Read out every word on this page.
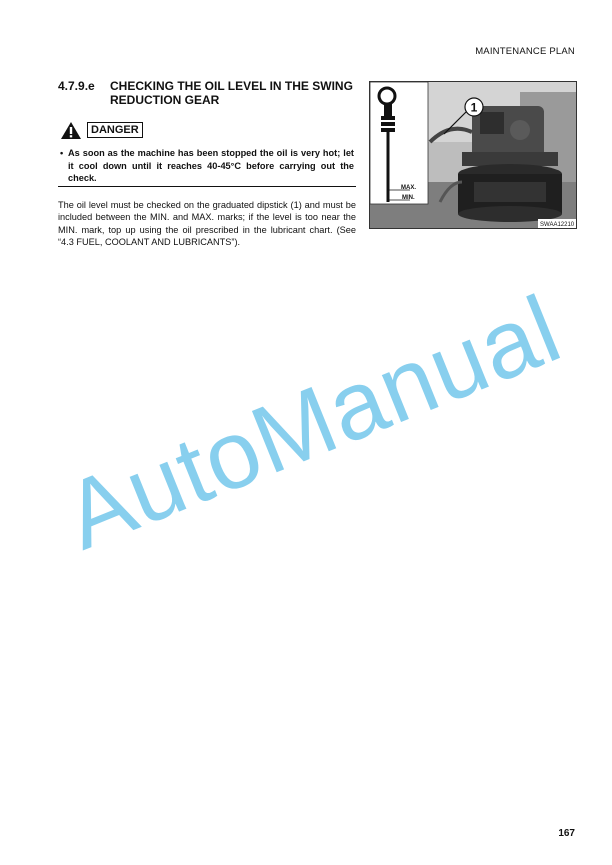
MAINTENANCE PLAN
4.7.9.e CHECKING THE OIL LEVEL IN THE SWING REDUCTION GEAR
DANGER
• As soon as the machine has been stopped the oil is very hot; let it cool down until it reaches 40-45°C before carrying out the check.
The oil level must be checked on the graduated dipstick (1) and must be included between the MIN. and MAX. marks; if the level is too near the MIN. mark, top up using the oil prescribed in the lubricant chart. (See “4.3 FUEL, COOLANT AND LUBRICANTS”).
MAX.
MIN.
1
SWAA12210
AutoManual
167
